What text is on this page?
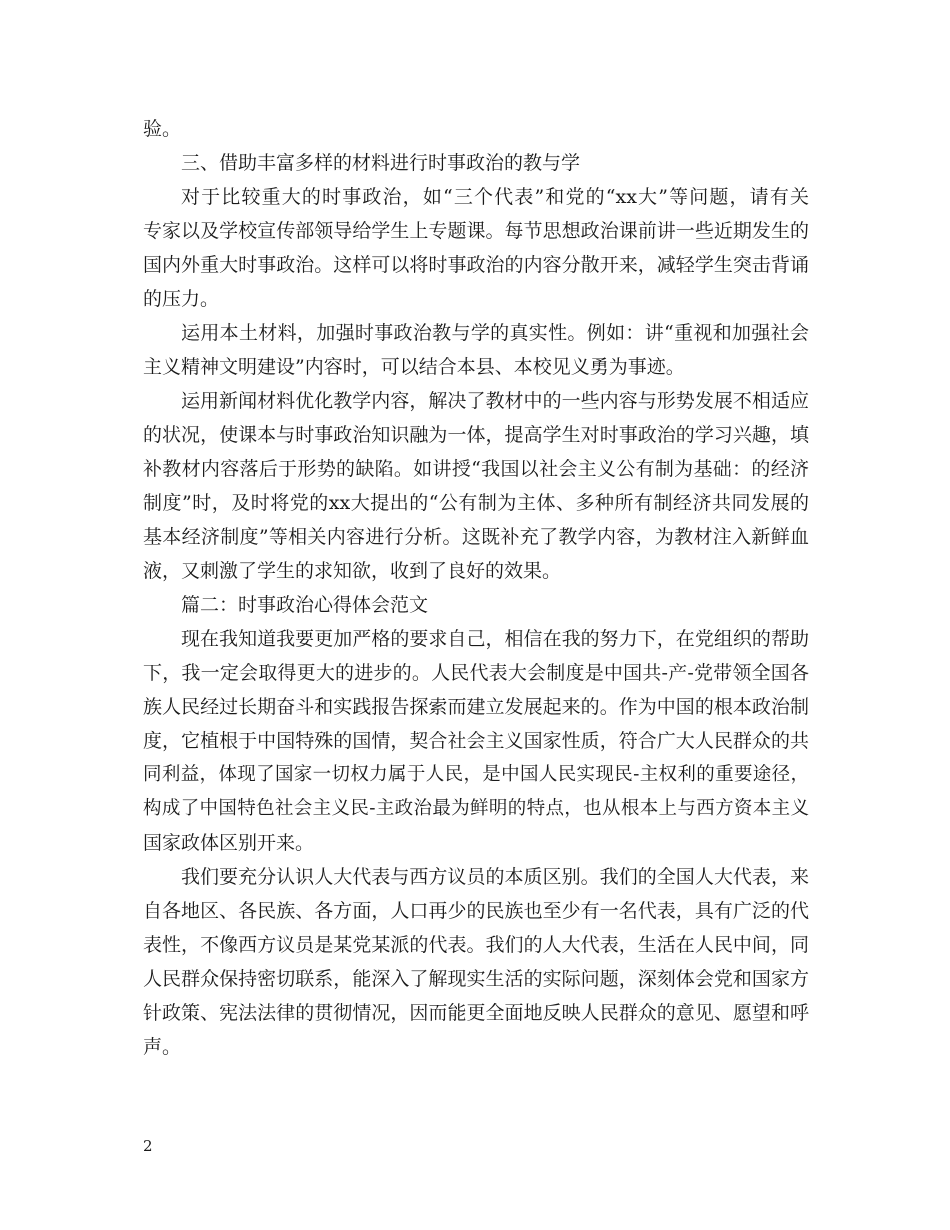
验。
三、借助丰富多样的材料进行时事政治的教与学
对于比较重大的时事政治，如“三个代表”和党的“xx大”等问题，请有关
专家以及学校宣传部领导给学生上专题课。每节思想政治课前讲一些近期发生的
国内外重大时事政治。这样可以将时事政治的内容分散开来，减轻学生突击背诵
的压力。
运用本土材料，加强时事政治教与学的真实性。例如：讲“重视和加强社会
主义精神文明建设”内容时，可以结合本县、本校见义勇为事迹。
运用新闻材料优化教学内容，解决了教材中的一些内容与形势发展不相适应
的状况，使课本与时事政治知识融为一体，提高学生对时事政治的学习兴趣，填
补教材内容落后于形势的缺陷。如讲授“我国以社会主义公有制为基础：的经济
制度”时，及时将党的xx大提出的“公有制为主体、多种所有制经济共同发展的
基本经济制度”等相关内容进行分析。这既补充了教学内容，为教材注入新鲜血
液，又刺激了学生的求知欲，收到了良好的效果。
篇二：时事政治心得体会范文
现在我知道我要更加严格的要求自己，相信在我的努力下，在党组织的帮助
下，我一定会取得更大的进步的。人民代表大会制度是中国共-产-党带领全国各
族人民经过长期奋斗和实践报告探索而建立发展起来的。作为中国的根本政治制
度，它植根于中国特殊的国情，契合社会主义国家性质，符合广大人民群众的共
同利益，体现了国家一切权力属于人民，是中国人民实现民-主权利的重要途径，
构成了中国特色社会主义民-主政治最为鲜明的特点，也从根本上与西方资本主义
国家政体区别开来。
我们要充分认识人大代表与西方议员的本质区别。我们的全国人大代表，来
自各地区、各民族、各方面，人口再少的民族也至少有一名代表，具有广泛的代
表性，不像西方议员是某党某派的代表。我们的人大代表，生活在人民中间，同
人民群众保持密切联系，能深入了解现实生活的实际问题，深刻体会党和国家方
针政策、宪法法律的贯彻情况，因而能更全面地反映人民群众的意见、愿望和呼
声。
2
